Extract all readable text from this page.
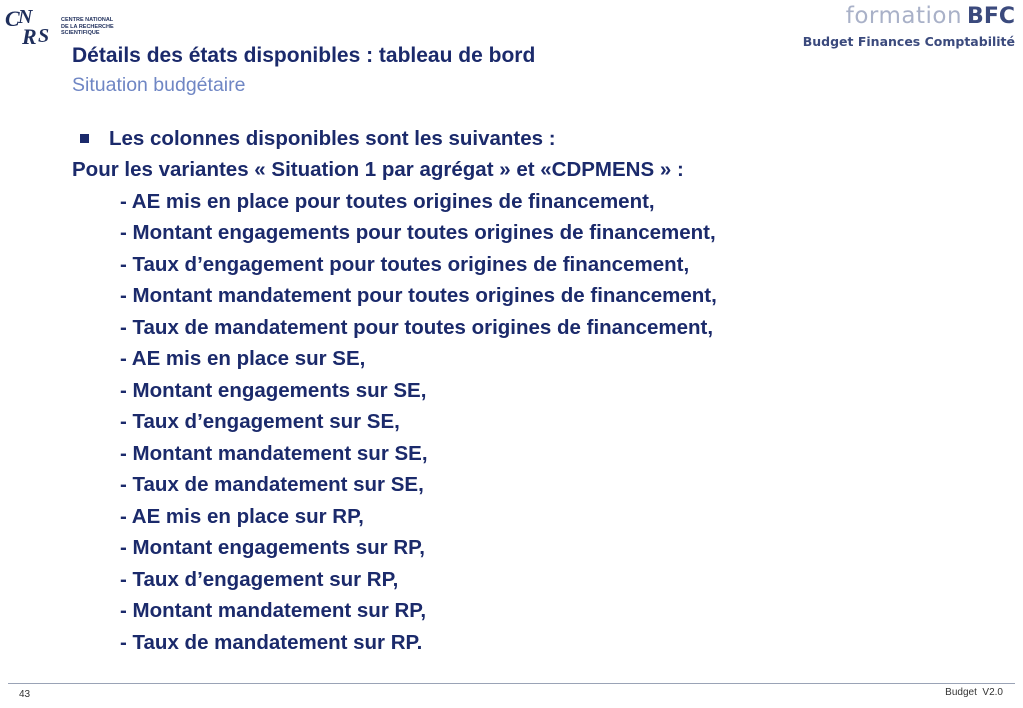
C
N
R S
CENTRE NATIONAL
DE LA RECHERCHE
SCIENTIFIQUE
formation BFC
Budget Finances Comptabilité
Détails des états disponibles : tableau de bord
Situation budgétaire
Les colonnes disponibles sont les suivantes :
Pour les variantes « Situation 1 par agrégat » et «CDPMENS » :
- AE mis en place pour toutes origines de financement,
- Montant engagements pour toutes origines de financement,
- Taux d’engagement pour toutes origines de financement,
- Montant mandatement pour toutes origines de financement,
- Taux de mandatement pour toutes origines de financement,
- AE mis en place sur SE,
- Montant engagements sur SE,
- Taux d’engagement sur SE,
- Montant mandatement sur SE,
- Taux de mandatement sur SE,
- AE mis en place sur RP,
- Montant engagements sur RP,
- Taux d’engagement sur RP,
- Montant mandatement sur RP,
- Taux de mandatement sur RP.
43	Budget  V2.0
